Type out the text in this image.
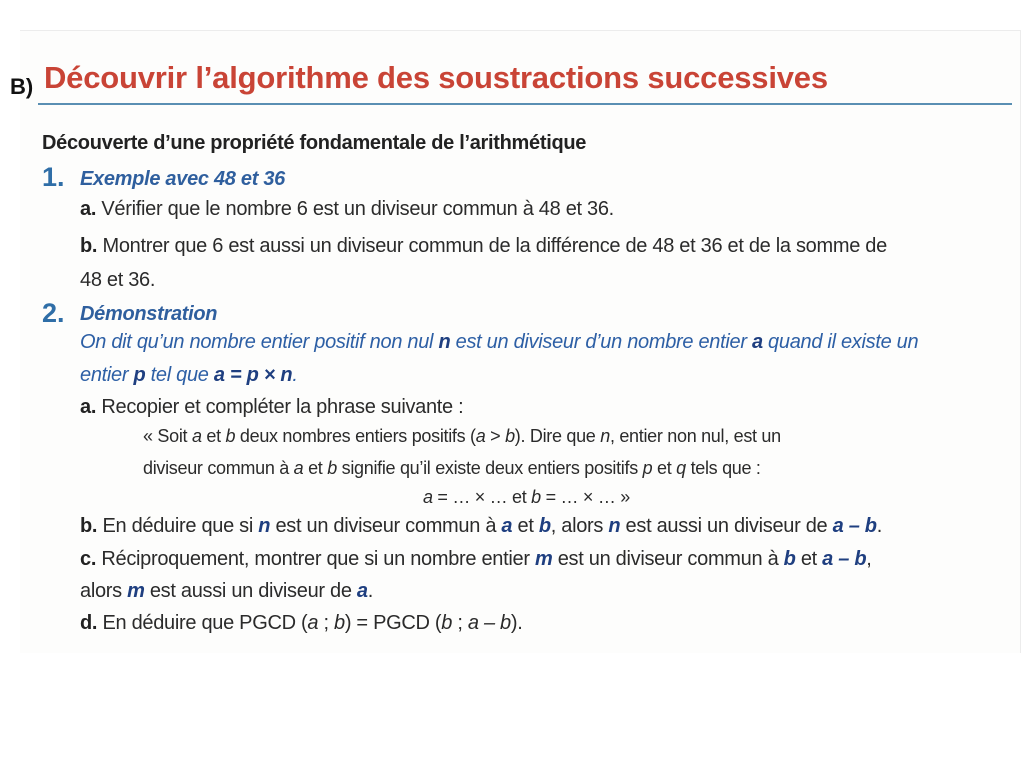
B) Découvrir l’algorithme des soustractions successives
Découverte d’une propriété fondamentale de l’arithmétique
1. Exemple avec 48 et 36
a. Vérifier que le nombre 6 est un diviseur commun à 48 et 36.
b. Montrer que 6 est aussi un diviseur commun de la différence de 48 et 36 et de la somme de
48 et 36.
2. Démonstration
On dit qu’un nombre entier positif non nul n est un diviseur d’un nombre entier a quand il existe un
entier p tel que a = p × n.
a. Recopier et compléter la phrase suivante :
« Soit a et b deux nombres entiers positifs (a > b). Dire que n, entier non nul, est un
diviseur commun à a et b signifie qu’il existe deux entiers positifs p et q tels que :
a = … × … et b = … × … »
b. En déduire que si n est un diviseur commun à a et b, alors n est aussi un diviseur de a – b.
c. Réciproquement, montrer que si un nombre entier m est un diviseur commun à b et a – b,
alors m est aussi un diviseur de a.
d. En déduire que PGCD (a ; b) = PGCD (b ; a – b).
